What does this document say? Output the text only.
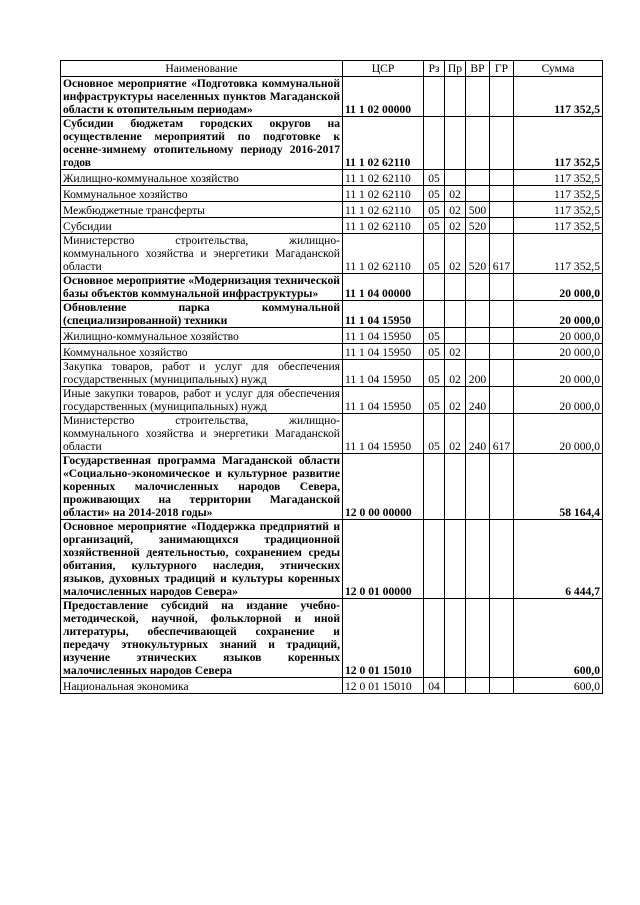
Наименование	ЦСР	Рз	Пр	ВР	ГР	Сумма
Основное мероприятие «Подготовка коммунальной инфраструктуры населенных пунктов Магаданской области к отопительным периодам»	11 1 02 00000					117 352,5
Субсидии бюджетам городских округов на осуществление мероприятий по подготовке к осенне-зимнему отопительному периоду 2016-2017 годов	11 1 02 62110					117 352,5
Жилищно-коммунальное хозяйство	11 1 02 62110	05				117 352,5
Коммунальное хозяйство	11 1 02 62110	05	02			117 352,5
Межбюджетные трансферты	11 1 02 62110	05	02	500		117 352,5
Субсидии	11 1 02 62110	05	02	520		117 352,5
Министерство строительства, жилищно-коммунального хозяйства и энергетики Магаданской области	11 1 02 62110	05	02	520	617	117 352,5
Основное мероприятие «Модернизация технической базы объектов коммунальной инфраструктуры»	11 1 04 00000					20 000,0
Обновление парка коммунальной (специализированной) техники	11 1 04 15950					20 000,0
Жилищно-коммунальное хозяйство	11 1 04 15950	05				20 000,0
Коммунальное хозяйство	11 1 04 15950	05	02			20 000,0
Закупка товаров, работ и услуг для обеспечения государственных (муниципальных) нужд	11 1 04 15950	05	02	200		20 000,0
Иные закупки товаров, работ и услуг для обеспечения государственных (муниципальных) нужд	11 1 04 15950	05	02	240		20 000,0
Министерство строительства, жилищно-коммунального хозяйства и энергетики Магаданской области	11 1 04 15950	05	02	240	617	20 000,0
Государственная программа Магаданской области «Социально-экономическое и культурное развитие коренных малочисленных народов Севера, проживающих на территории Магаданской области» на 2014-2018 годы»	12 0 00 00000					58 164,4
Основное мероприятие «Поддержка предприятий и организаций, занимающихся традиционной хозяйственной деятельностью, сохранением среды обитания, культурного наследия, этнических языков, духовных традиций и культуры коренных малочисленных народов Севера»	12 0 01 00000					6 444,7
Предоставление субсидий на издание учебно-методической, научной, фольклорной и иной литературы, обеспечивающей сохранение и передачу этнокультурных знаний и традиций, изучение этнических языков коренных малочисленных народов Севера	12 0 01 15010					600,0
Национальная экономика	12 0 01 15010	04				600,0
